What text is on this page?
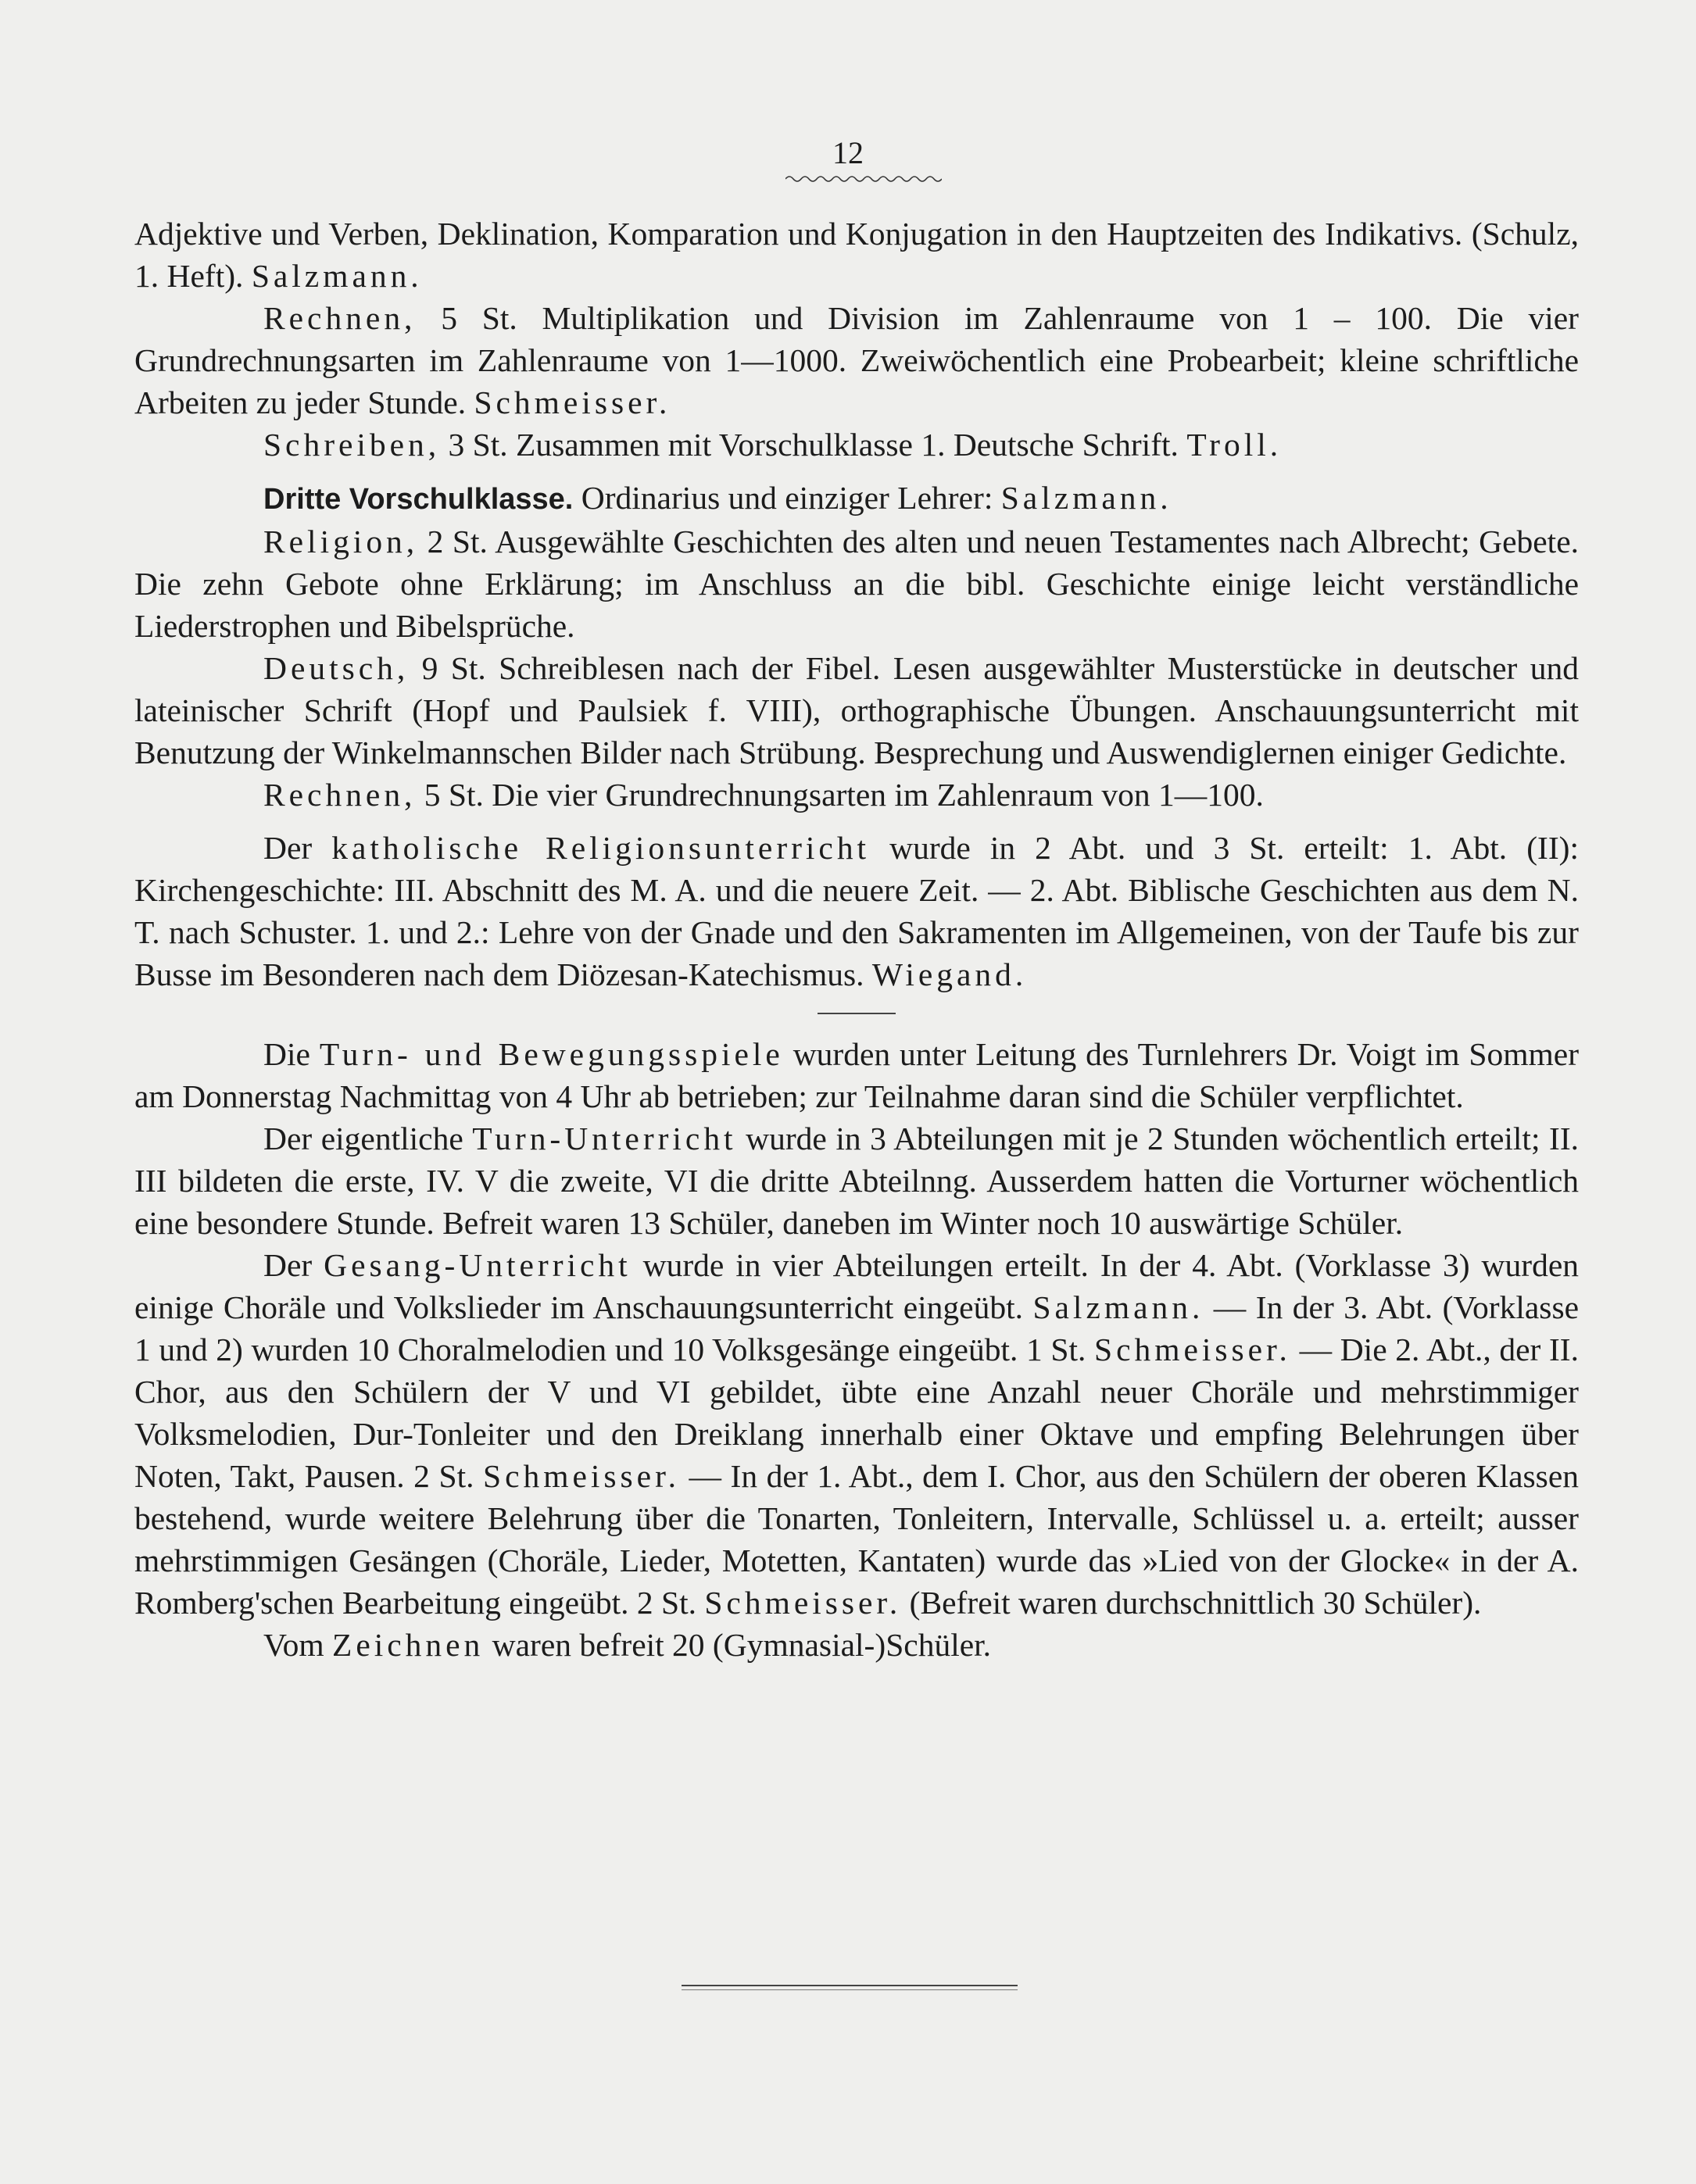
12

Adjektive und Verben, Deklination, Komparation und Konjugation in den Hauptzeiten des Indikativs. (Schulz, 1. Heft). Salzmann.

Rechnen, 5 St. Multiplikation und Division im Zahlenraume von 1 – 100. Die vier Grundrechnungsarten im Zahlenraume von 1—1000. Zweiwöchentlich eine Probearbeit; kleine schriftliche Arbeiten zu jeder Stunde. Schmeisser.

Schreiben, 3 St. Zusammen mit Vorschulklasse 1. Deutsche Schrift. Troll.

Dritte Vorschulklasse. Ordinarius und einziger Lehrer: Salzmann.

Religion, 2 St. Ausgewählte Geschichten des alten und neuen Testamentes nach Albrecht; Gebete. Die zehn Gebote ohne Erklärung; im Anschluss an die bibl. Geschichte einige leicht verständliche Liederstrophen und Bibelsprüche.

Deutsch, 9 St. Schreiblesen nach der Fibel. Lesen ausgewählter Musterstücke in deutscher und lateinischer Schrift (Hopf und Paulsiek f. VIII), orthographische Übungen. Anschauungsunterricht mit Benutzung der Winkelmannschen Bilder nach Strübung. Besprechung und Auswendiglernen einiger Gedichte.

Rechnen, 5 St. Die vier Grundrechnungsarten im Zahlenraum von 1—100.

Der katholische Religionsunterricht wurde in 2 Abt. und 3 St. erteilt: 1. Abt. (II): Kirchengeschichte: III. Abschnitt des M. A. und die neuere Zeit. — 2. Abt. Biblische Geschichten aus dem N. T. nach Schuster. 1. und 2.: Lehre von der Gnade und den Sakramenten im Allgemeinen, von der Taufe bis zur Busse im Besonderen nach dem Diözesan-Katechismus. Wiegand.

Die Turn- und Bewegungsspiele wurden unter Leitung des Turnlehrers Dr. Voigt im Sommer am Donnerstag Nachmittag von 4 Uhr ab betrieben; zur Teilnahme daran sind die Schüler verpflichtet.

Der eigentliche Turn-Unterricht wurde in 3 Abteilungen mit je 2 Stunden wöchentlich erteilt; II. III bildeten die erste, IV. V die zweite, VI die dritte Abteilnng. Ausserdem hatten die Vorturner wöchentlich eine besondere Stunde. Befreit waren 13 Schüler, daneben im Winter noch 10 auswärtige Schüler.

Der Gesang-Unterricht wurde in vier Abteilungen erteilt. In der 4. Abt. (Vorklasse 3) wurden einige Choräle und Volkslieder im Anschauungsunterricht eingeübt. Salzmann. — In der 3. Abt. (Vorklasse 1 und 2) wurden 10 Choralmelodien und 10 Volksgesänge eingeübt. 1 St. Schmeisser. — Die 2. Abt., der II. Chor, aus den Schülern der V und VI gebildet, übte eine Anzahl neuer Choräle und mehrstimmiger Volksmelodien, Dur-Tonleiter und den Dreiklang innerhalb einer Oktave und empfing Belehrungen über Noten, Takt, Pausen. 2 St. Schmeisser. — In der 1. Abt., dem I. Chor, aus den Schülern der oberen Klassen bestehend, wurde weitere Belehrung über die Tonarten, Tonleitern, Intervalle, Schlüssel u. a. erteilt; ausser mehrstimmigen Gesängen (Choräle, Lieder, Motetten, Kantaten) wurde das »Lied von der Glocke« in der A. Romberg'schen Bearbeitung eingeübt. 2 St. Schmeisser. (Befreit waren durchschnittlich 30 Schüler).

Vom Zeichnen waren befreit 20 (Gymnasial-)Schüler.
